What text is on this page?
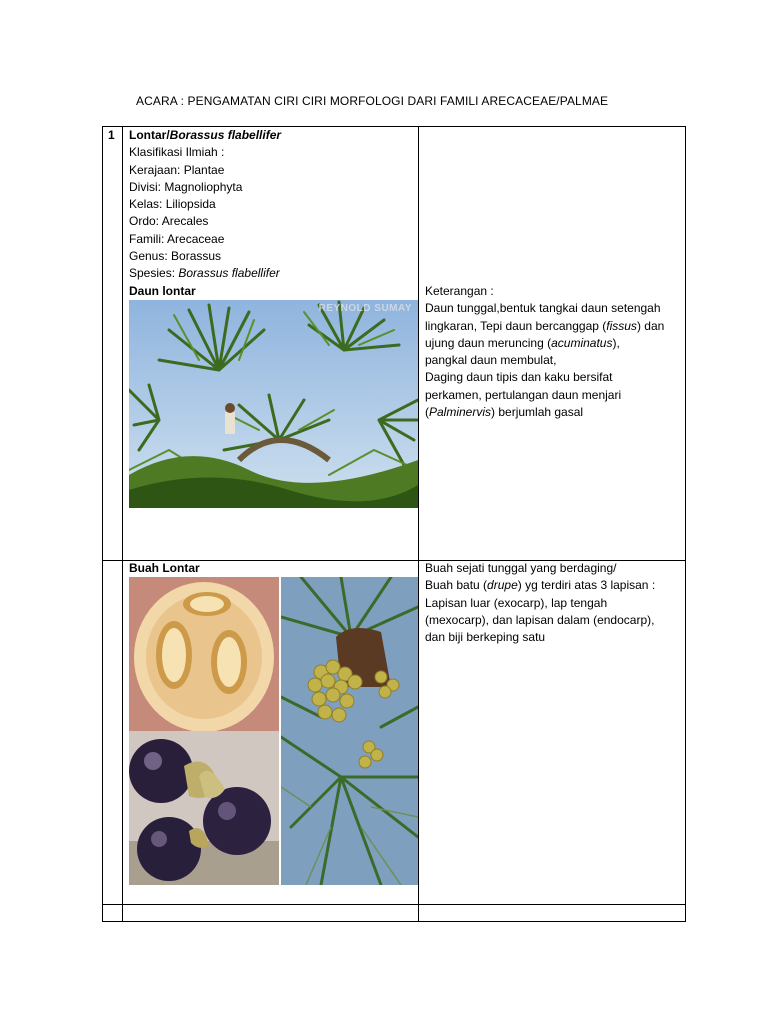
ACARA : PENGAMATAN CIRI CIRI MORFOLOGI DARI FAMILI ARECACEAE/PALMAE
1 Lontar/Borassus flabellifer
Klasifikasi Ilmiah :
Kerajaan: Plantae
Divisi: Magnoliophyta
Kelas: Liliopsida
Ordo: Arecales
Famili: Arecaceae
Genus: Borassus
Spesies: Borassus flabellifer
Daun lontar
REYNOLD SUMAY
Keterangan :
Daun tunggal,bentuk tangkai daun setengah
lingkaran, Tepi daun bercanggap (fissus) dan
ujung daun meruncing (acuminatus),
pangkal daun membulat,
Daging daun tipis dan kaku bersifat
perkamen, pertulangan daun menjari
(Palminervis) berjumlah gasal
Buah Lontar	Buah sejati tunggal yang berdaging/
Buah batu (drupe) yg terdiri atas 3 lapisan :
Lapisan luar (exocarp), lap tengah
(mexocarp), dan lapisan dalam (endocarp),
dan biji berkeping satu
